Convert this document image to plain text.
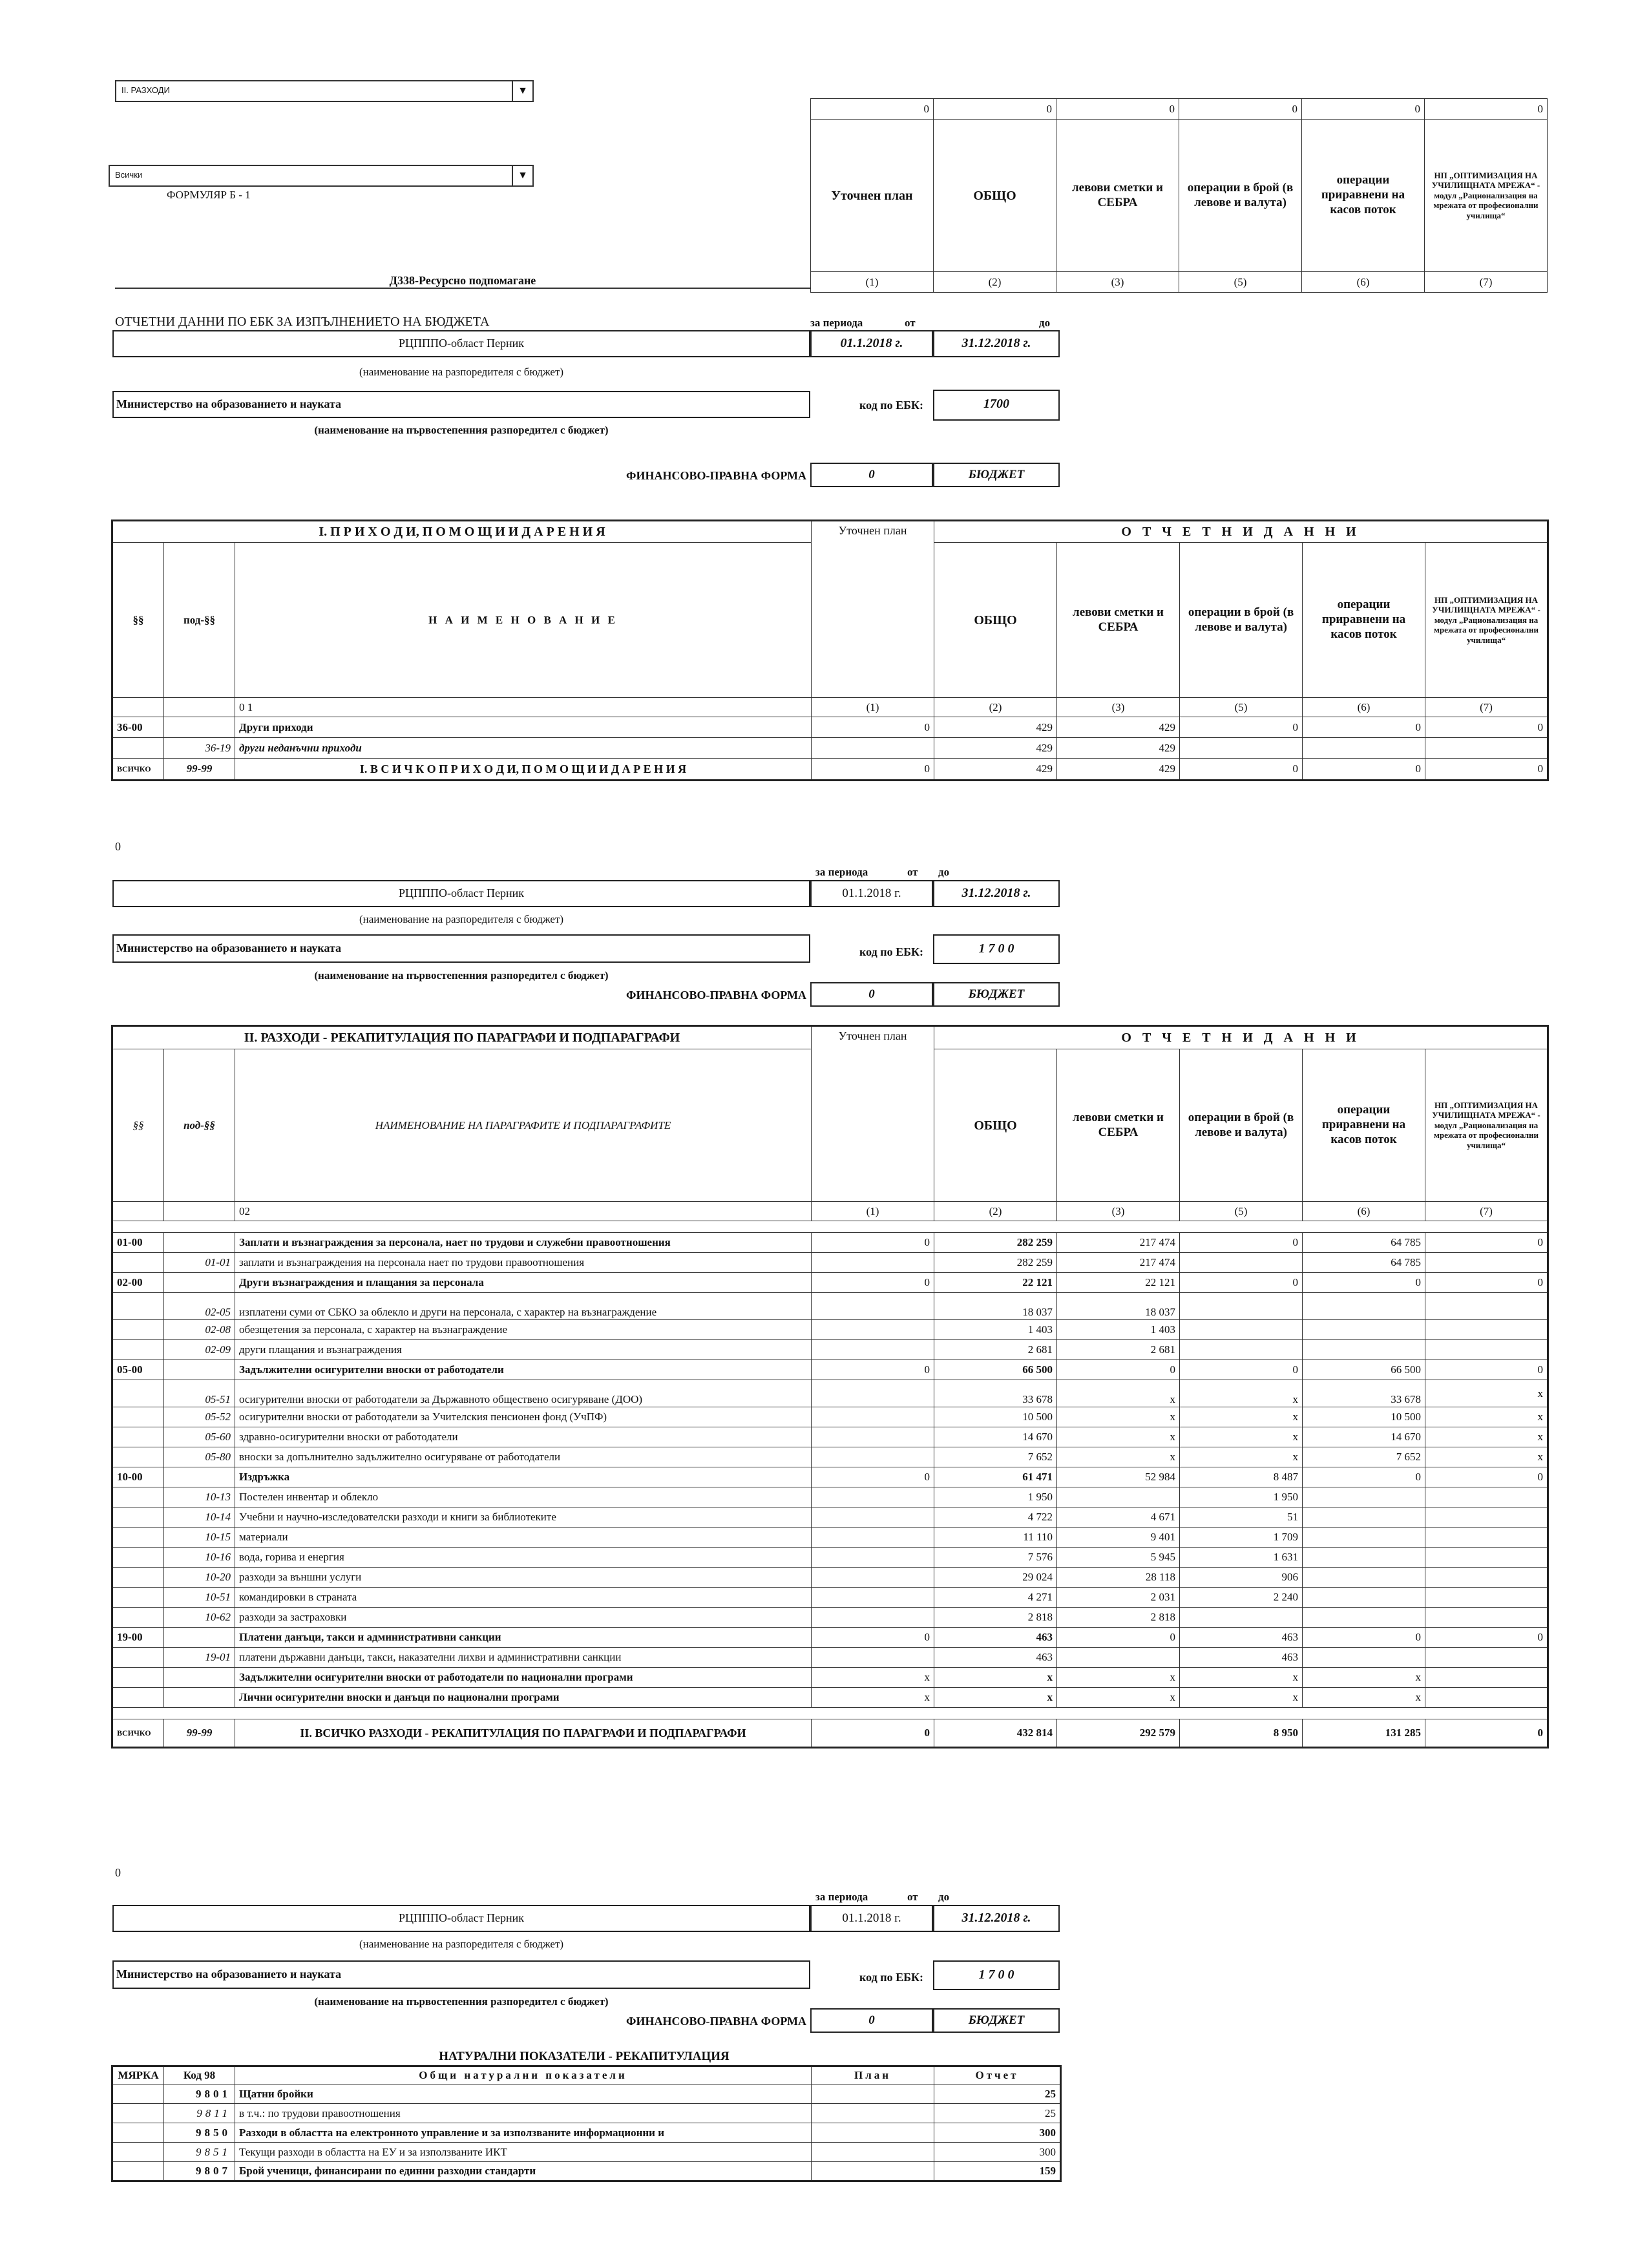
II. РАЗХОДИ	▼
Всички	▼
ФОРМУЛЯР Б - 1
0	0	0	0	0	0
Уточнен план	ОБЩО	левови сметки и СЕБРА	операции в брой (в левове и валута)	операции приравнени на касов поток	НП „ОПТИМИЗАЦИЯ НА УЧИЛИЩНАТА МРЕЖА“ - модул „Рационализация на мрежата от професионални училища“
(1)	(2)	(3)	(5)	(6)	(7)
Д338-Ресурсно подпомагане
ОТЧЕТНИ ДАННИ ПО ЕБК ЗА ИЗПЪЛНЕНИЕТО НА БЮДЖЕТА	за периода	от	до
РЦПППО-област Перник	01.1.2018 г.	31.12.2018 г.
(наименование на разпоредителя с бюджет)
Министерство на образованието и науката	код по ЕБК:	1700
(наименование на първостепенния разпоредител с бюджет)
ФИНАНСОВО-ПРАВНА ФОРМА	0	БЮДЖЕТ
I. П Р И Х О Д И, П О М О Щ И И Д А Р Е Н И Я			Уточнен план	О Т Ч Е Т Н И Д А Н Н И				
§§	под-§§	Н А И М Е Н О В А Н И Е		ОБЩО	левови сметки и СЕБРА	операции в брой (в левове и валута)	операции приравнени на касов поток	НП „ОПТИМИЗАЦИЯ НА УЧИЛИЩНАТА МРЕЖА“ - модул „Рационализация на мрежата от професионални училища“
		0 1	(1)	(2)	(3)	(5)	(6)	(7)
36-00		Други приходи	0	429	429	0	0	0
	36-19	други неданъчни приходи		429	429			
ВСИЧКО	99-99	I. В С И Ч К О П Р И Х О Д И, П О М О Щ И И Д А Р Е Н И Я	0	429	429	0	0	0
0
за периода	от до
РЦПППО-област Перник	01.1.2018 г.	31.12.2018 г.
(наименование на разпоредителя с бюджет)
Министерство на образованието и науката	код по ЕБК:	1 7 0 0
(наименование на първостепенния разпоредител с бюджет)
ФИНАНСОВО-ПРАВНА ФОРМА	0	БЮДЖЕТ
II. РАЗХОДИ - РЕКАПИТУЛАЦИЯ ПО ПАРАГРАФИ И ПОДПАРАГРАФИ			Уточнен план	О Т Ч Е Т Н И Д А Н Н И				
§§	под-§§	НАИМЕНОВАНИЕ НА ПАРАГРАФИТЕ И ПОДПАРАГРАФИТЕ		ОБЩО	левови сметки и СЕБРА	операции в брой (в левове и валута)	операции приравнени на касов поток	НП „ОПТИМИЗАЦИЯ НА УЧИЛИЩНАТА МРЕЖА“ - модул „Рационализация на мрежата от професионални училища“
		02	(1)	(2)	(3)	(5)	(6)	(7)

01-00		Заплати и възнаграждения за персонала, нает по трудови и служебни правоотношения	0	282 259	217 474	0	64 785	0
	01-01	заплати и възнаграждения на персонала нает по трудови правоотношения		282 259	217 474		64 785	
02-00		Други възнаграждения и плащания за персонала	0	22 121	22 121	0	0	0
	02-05	изплатени суми от СБКО за облекло и други на персонала, с характер на възнаграждение		18 037	18 037			
	02-08	обезщетения за персонала, с характер на възнаграждение		1 403	1 403			
	02-09	други плащания и възнаграждения		2 681	2 681			
05-00		Задължителни осигурителни вноски от работодатели	0	66 500	0	0	66 500	0
	05-51	осигурителни вноски от работодатели за Държавното обществено осигуряване (ДОО)		33 678	x	x	33 678	x
	05-52	осигурителни вноски от работодатели за Учителския пенсионен фонд (УчПФ)		10 500	x	x	10 500	x
	05-60	здравно-осигурителни вноски от работодатели		14 670	x	x	14 670	x
	05-80	вноски за допълнително задължително осигуряване от работодатели		7 652	x	x	7 652	x
10-00		Издръжка	0	61 471	52 984	8 487	0	0
	10-13	Постелен инвентар и облекло		1 950		1 950		
	10-14	Учебни и научно-изследователски разходи и книги за библиотеките		4 722	4 671	51		
	10-15	материали		11 110	9 401	1 709		
	10-16	вода, горива и енергия		7 576	5 945	1 631		
	10-20	разходи за външни услуги		29 024	28 118	906		
	10-51	командировки в страната		4 271	2 031	2 240		
	10-62	разходи за застраховки		2 818	2 818			
19-00		Платени данъци, такси и административни санкции	0	463	0	463	0	0
	19-01	платени държавни данъци, такси, наказателни лихви и административни санкции		463		463		
		Задължителни осигурителни вноски от работодатели по национални програми	x	x	x	x	x	
		Лични осигурителни вноски и данъци по национални програми	x	x	x	x	x	

ВСИЧКО	99-99	II. ВСИЧКО РАЗХОДИ - РЕКАПИТУЛАЦИЯ ПО ПАРАГРАФИ И ПОДПАРАГРАФИ	0	432 814	292 579	8 950	131 285	0
0
за периода	от до
РЦПППО-област Перник	01.1.2018 г.	31.12.2018 г.
(наименование на разпоредителя с бюджет)
Министерство на образованието и науката	код по ЕБК:	1 7 0 0
(наименование на първостепенния разпоредител с бюджет)
ФИНАНСОВО-ПРАВНА ФОРМА	0	БЮДЖЕТ
НАТУРАЛНИ ПОКАЗАТЕЛИ - РЕКАПИТУЛАЦИЯ
МЯРКА	Код 98	Общи натурални показатели	План	Отчет
	9801	Щатни бройки		25
	9811	в т.ч.: по трудови правоотношения		25
	9850	Разходи в областта на електронното управление и за използваните информационни и		300
	9851	Текущи разходи в областта на ЕУ и за използваните ИКТ		300
	9807	Брой ученици, финансирани по единни разходни стандарти		159
